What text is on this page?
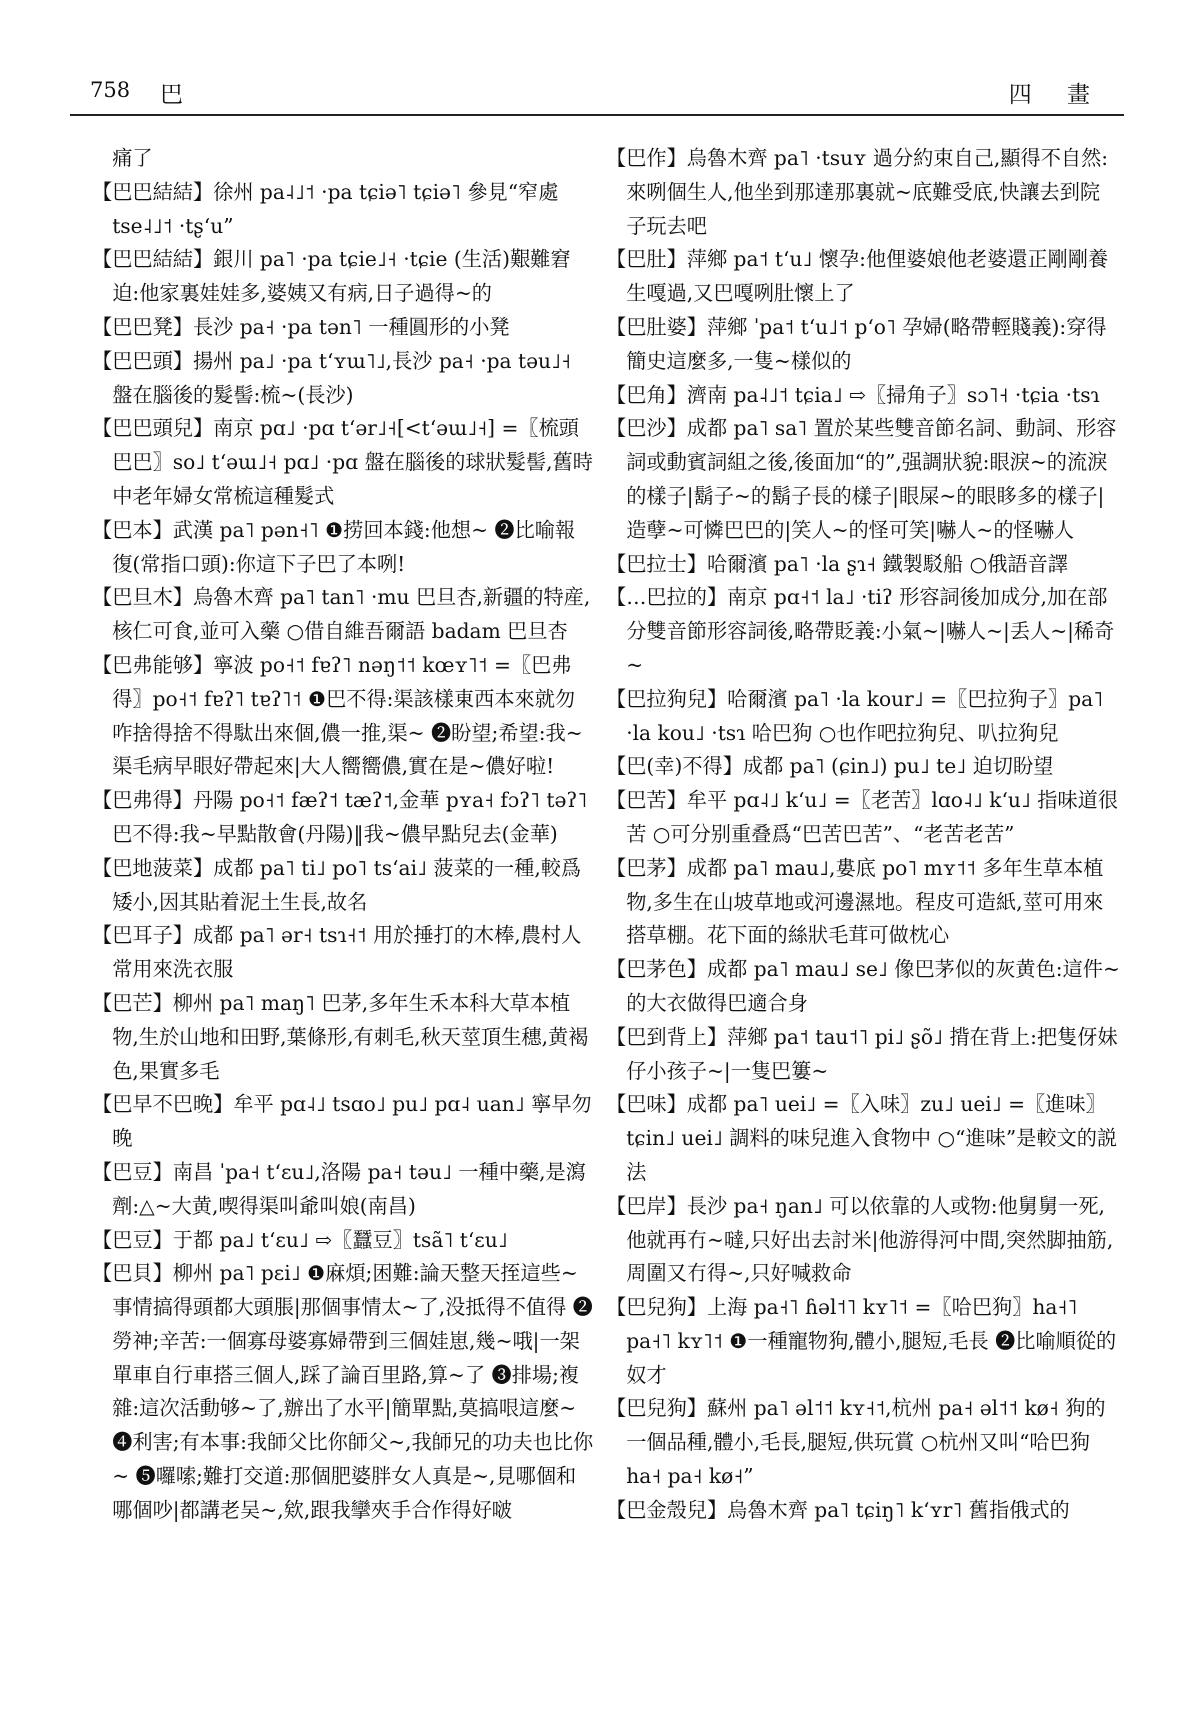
758 巴	四 畫

痛了

【巴巴結結】徐州 pa˨˩˦ ·pa tɕiə˥ tɕiə˥ 參見“窄處tse˨˩˦ ·tʂ‘u”

【巴巴結結】銀川 pa˥ ·pa tɕie˩˧ ·tɕie (生活)艱難窘迫:他家裏娃娃多,婆姨又有病,日子過得~的

【巴巴凳】長沙 pa˧ ·pa tən˥ 一種圓形的小凳

【巴巴頭】揚州 pa˩ ·pa t‘ʏɯ˥˩,長沙 pa˧ ·pa təu˩˧ 盤在腦後的髮髻:梳~(長沙)

【巴巴頭兒】南京 pɑ˩ ·pɑ t‘ər˩˧[<t‘əɯ˩˧] =〖梳頭巴巴〗so˩ t‘əɯ˩˧ pɑ˩ ·pɑ 盤在腦後的球狀髮髻,舊時中老年婦女常梳這種髮式

【巴本】武漢 pa˥ pən˧˥ ❶捞回本錢:他想~ ❷比喻報復(常指口頭):你這下子巴了本咧!

【巴旦木】烏魯木齊 pa˥ tan˥ ·mu 巴旦杏,新疆的特産,核仁可食,並可入藥 ○借自維吾爾語 badam 巴旦杏

【巴弗能够】寧波 po˧˦ fɐʔ˥ nəŋ˦˦ kœʏ˥˦ =〖巴弗得〗po˧˦ fɐʔ˥ tɐʔ˥˦ ❶巴不得:渠該樣東西本來就勿咋捨得捨不得駄出來個,儂一推,渠~ ❷盼望;希望:我~渠毛病早眼好帶起來|大人嚮嚮儂,實在是~儂好啦!

【巴弗得】丹陽 po˧˦ fæʔ˦ tæʔ˦,金華 pʏa˧ fɔʔ˥ təʔ˥ 巴不得:我~早點散會(丹陽)‖我~儂早點兒去(金華)

【巴地菠菜】成都 pa˥ ti˩ po˥ ts‘ai˩ 菠菜的一種,較爲矮小,因其貼着泥土生長,故名

【巴耳子】成都 pa˥ ər˧ tsɿ˧˦ 用於捶打的木棒,農村人常用來洗衣服

【巴芒】柳州 pa˥ maŋ˥ 巴茅,多年生禾本科大草本植物,生於山地和田野,葉條形,有刺毛,秋天莖頂生穗,黄褐色,果實多毛

【巴早不巴晚】牟平 pɑ˨˩ tsɑo˩ pu˩ pɑ˨ uan˩ 寧早勿晚

【巴豆】南昌 ˈpa˧ t‘ɛu˩,洛陽 pa˧ təu˩ 一種中藥,是瀉劑:△~大黄,喫得渠叫爺叫娘(南昌)

【巴豆】于都 pa˩ t‘ɛu˩ ⇨〖蠶豆〗tsã˥ t‘ɛu˩

【巴貝】柳州 pa˥ pɛi˩ ❶麻煩;困難:論天整天挃這些~事情搞得頭都大頭脹|那個事情太~了,没抵得不值得 ❷勞神;辛苦:一個寡母婆寡婦帶到三個娃崽,幾~哦|一架單車自行車搭三個人,踩了論百里路,算~了 ❸排場;複雜:這次活動够~了,辦出了水平|簡單點,莫搞哏這麼~ ❹利害;有本事:我師父比你師父~,我師兄的功夫也比你~ ❺囉嗦;難打交道:那個肥婆胖女人真是~,見哪個和哪個吵|都講老吴~,欸,跟我攣夾手合作得好啵

【巴作】烏魯木齊 pa˥ ·tsuʏ 過分約束自己,顯得不自然:來咧個生人,他坐到那達那裏就~底難受底,快讓去到院子玩去吧

【巴肚】萍鄉 pa˦ t‘u˩ 懷孕:他俚婆娘他老婆還正剛剛養生嘎過,又巴嘎咧肚懷上了

【巴肚婆】萍鄉 ˈpa˦ t‘u˩˦ p‘o˥ 孕婦(略帶輕賤義):穿得簡史這麼多,一隻~樣似的

【巴角】濟南 pa˨˩˦ tɕia˩ ⇨〖掃角子〗sɔ˥˧ ·tɕia ·tsɿ

【巴沙】成都 pa˥ sa˥ 置於某些雙音節名詞、動詞、形容詞或動賓詞組之後,後面加“的”,强調狀貌:眼淚~的流淚的樣子|鬍子~的鬍子長的樣子|眼屎~的眼眵多的樣子|造孽~可憐巴巴的|笑人~的怪可笑|嚇人~的怪嚇人

【巴拉士】哈爾濱 pa˥ ·la ʂɿ˧ 鐵製駁船 ○俄語音譯

【…巴拉的】南京 pɑ˧˦ la˩ ·tiʔ 形容詞後加成分,加在部分雙音節形容詞後,略帶貶義:小氣~|嚇人~|丢人~|稀奇~

【巴拉狗兒】哈爾濱 pa˥ ·la kour˩ =〖巴拉狗子〗pa˥ ·la kou˩ ·tsɿ 哈巴狗 ○也作吧拉狗兒、叭拉狗兒

【巴(幸)不得】成都 pa˥ (ɕin˩) pu˩ te˩ 迫切盼望

【巴苦】牟平 pɑ˨˩ k‘u˩ =〖老苦〗lɑo˨˩ k‘u˩ 指味道很苦 ○可分别重叠爲“巴苦巴苦”、“老苦老苦”

【巴茅】成都 pa˥ mau˩,婁底 po˥ mʏ˦˦ 多年生草本植物,多生在山坡草地或河邊濕地。程皮可造紙,莖可用來搭草棚。花下面的絲狀毛茸可做枕心

【巴茅色】成都 pa˥ mau˩ se˩ 像巴茅似的灰黄色:這件~的大衣做得巴適合身

【巴到背上】萍鄉 pa˦ tau˦˥ pi˩ ʂõ˩ 揹在背上:把隻伢妹仔小孩子~|一隻巴簍~

【巴味】成都 pa˥ uei˩ =〖入味〗zu˩ uei˩ =〖進味〗tɕin˩ uei˩ 調料的味兒進入食物中 ○“進味”是較文的説法

【巴岸】長沙 pa˧ ŋan˩ 可以依靠的人或物:他舅舅一死,他就再冇~噠,只好出去討米|他游得河中間,突然脚抽筋,周圍又冇得~,只好喊救命

【巴兒狗】上海 pa˧˥ ɦəl˦˥ kʏ˥˦ =〖哈巴狗〗ha˧˥ pa˧˥ kʏ˥˦ ❶一種寵物狗,體小,腿短,毛長 ❷比喻順從的奴才

【巴兒狗】蘇州 pa˥ əl˦˦ kʏ˧˦,杭州 pa˧ əl˦˦ kø˧ 狗的一個品種,體小,毛長,腿短,供玩賞 ○杭州又叫“哈巴狗 ha˧ pa˧ kø˧”

【巴金殼兒】烏魯木齊 pa˥ tɕiŋ˥ k‘ʏr˥ 舊指俄式的
